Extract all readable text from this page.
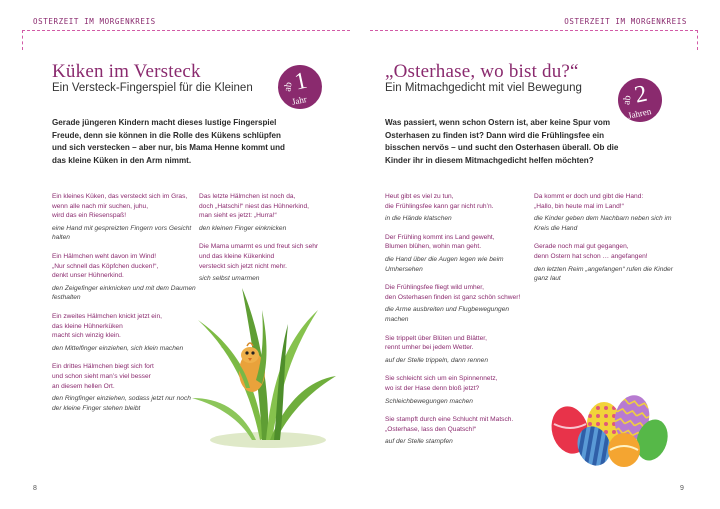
OSTERZEIT IM MORGENKREIS	OSTERZEIT IM MORGENKREIS
Küken im Versteck
Ein Versteck-Fingerspiel für die Kleinen	ab
1
Jahr
Gerade jüngeren Kindern macht dieses lustige Fingerspiel Freude, denn sie können in die Rolle des Kükens schlüpfen und sich verstecken – aber nur, bis Mama Henne kommt und das kleine Küken in den Arm nimmt.
Ein kleines Küken, das versteckt sich im Gras,
wenn alle nach mir suchen, juhu,
wird das ein Riesenspaß!
eine Hand mit gespreizten Fingern vors Gesicht
halten
Ein Hälmchen weht davon im Wind!
„Nur schnell das Köpfchen ducken!“,
denkt unser Hühnerkind.
den Zeigefinger einknicken und mit dem Daumen
festhalten
Ein zweites Hälmchen knickt jetzt ein,
das kleine Hühnerküken
macht sich winzig klein.
den Mittelfinger einziehen, sich klein machen
Ein drittes Hälmchen biegt sich fort
und schon sieht man’s viel besser
an diesem hellen Ort.
den Ringfinger einziehen, sodass jetzt nur noch
der kleine Finger stehen bleibt
Das letzte Hälmchen ist noch da,
doch „Hatschi!“ niest das Hühnerkind,
man sieht es jetzt: „Hurra!“
den kleinen Finger einknicken
Die Mama umarmt es und freut sich sehr
und das kleine Kükenkind
versteckt sich jetzt nicht mehr.
sich selbst umarmen
8
„Osterhase, wo bist du?“
Ein Mitmachgedicht mit viel Bewegung
ab
2
Jahren
Was passiert, wenn schon Ostern ist, aber keine Spur vom Osterhasen zu finden ist? Dann wird die Frühlingsfee ein bisschen nervös – und sucht den Osterhasen überall. Ob die Kinder ihr in diesem Mitmachgedicht helfen möchten?
Heut gibt es viel zu tun,
die Frühlingsfee kann gar nicht ruh’n.
in die Hände klatschen
Der Frühling kommt ins Land geweht,
Blumen blühen, wohin man geht.
die Hand über die Augen legen wie beim
Umhersehen
Die Frühlingsfee fliegt wild umher,
den Osterhasen finden ist ganz schön schwer!
die Arme ausbreiten und Flugbewegungen
machen
Sie trippelt über Blüten und Blätter,
rennt umher bei jedem Wetter.
auf der Stelle trippeln, dann rennen
Sie schleicht sich um ein Spinnennetz,
wo ist der Hase denn bloß jetzt?
Schleichbewegungen machen
Sie stampft durch eine Schlucht mit Matsch.
„Osterhase, lass den Quatsch!“
auf der Stelle stampfen
Da kommt er doch und gibt die Hand:
„Hallo, bin heute mal im Land!“
die Kinder geben dem Nachbarn neben sich im
Kreis die Hand
Gerade noch mal gut gegangen,
denn Ostern hat schon … angefangen!
den letzten Reim „angefangen“ rufen die Kinder
ganz laut
9
